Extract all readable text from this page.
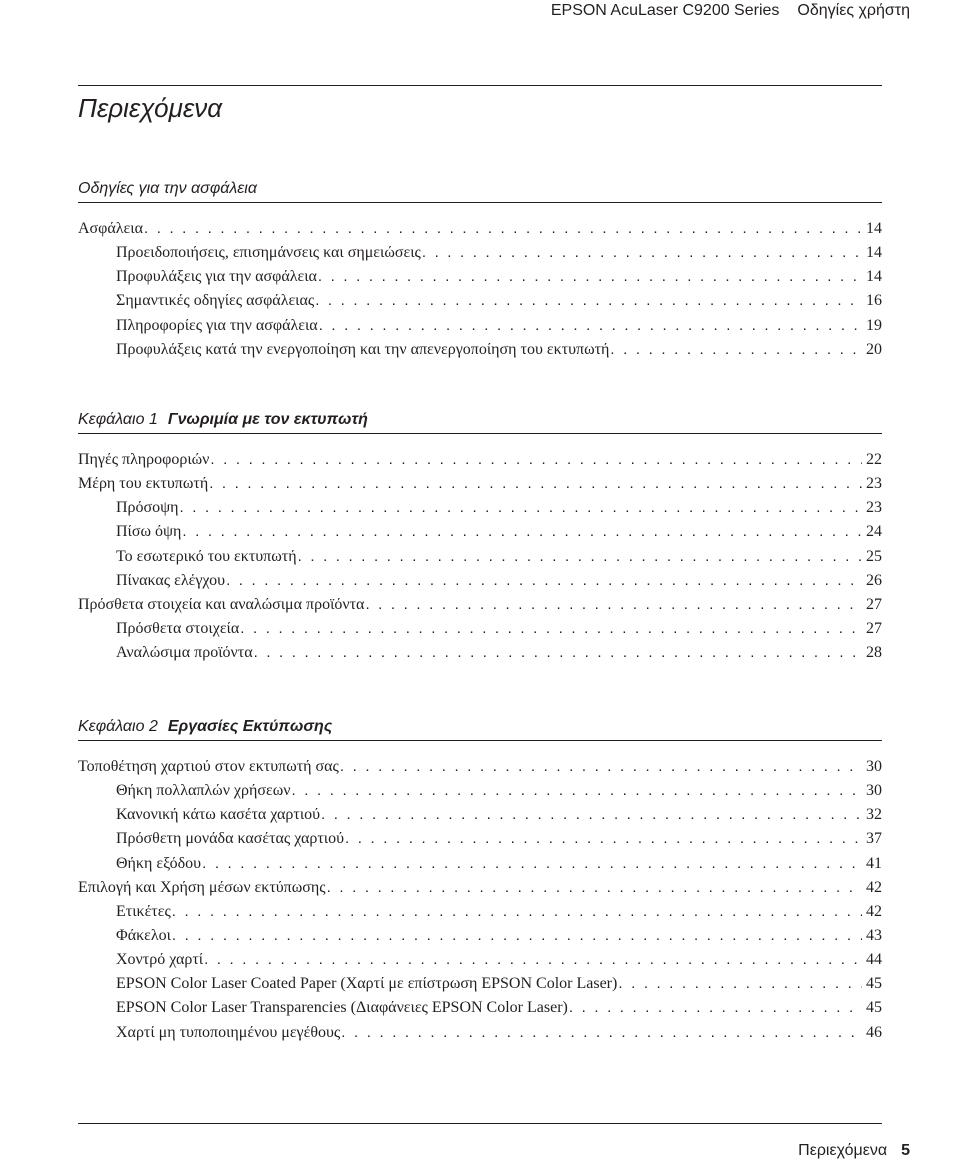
EPSON AcuLaser C9200 Series Οδηγίες χρήστη
Περιεχόμενα
Οδηγίες για την ασφάλεια
Ασφάλεια . . .	14
Προειδοποιήσεις, επισημάνσεις και σημειώσεις . . .	14
Προφυλάξεις για την ασφάλεια . . .	14
Σημαντικές οδηγίες ασφάλειας . . .	16
Πληροφορίες για την ασφάλεια . . .	19
Προφυλάξεις κατά την ενεργοποίηση και την απενεργοποίηση του εκτυπωτή . . .	20
Κεφάλαιο 1 Γνωριμία με τον εκτυπωτή
Πηγές πληροφοριών . . .	22
Μέρη του εκτυπωτή . . .	23
Πρόσοψη . . .	23
Πίσω όψη . . .	24
Το εσωτερικό του εκτυπωτή . . .	25
Πίνακας ελέγχου . . .	26
Πρόσθετα στοιχεία και αναλώσιμα προϊόντα . . .	27
Πρόσθετα στοιχεία . . .	27
Αναλώσιμα προϊόντα . . .	28
Κεφάλαιο 2 Εργασίες Εκτύπωσης
Τοποθέτηση χαρτιού στον εκτυπωτή σας . . .	30
Θήκη πολλαπλών χρήσεων . . .	30
Κανονική κάτω κασέτα χαρτιού . . .	32
Πρόσθετη μονάδα κασέτας χαρτιού . . .	37
Θήκη εξόδου . . .	41
Επιλογή και Χρήση μέσων εκτύπωσης . . .	42
Ετικέτες . . .	42
Φάκελοι . . .	43
Χοντρό χαρτί . . .	44
EPSON Color Laser Coated Paper (Χαρτί με επίστρωση EPSON Color Laser) . . .	45
EPSON Color Laser Transparencies (Διαφάνειες EPSON Color Laser) . . .	45
Χαρτί μη τυποποιημένου μεγέθους . . .	46
Περιεχόμενα 5
